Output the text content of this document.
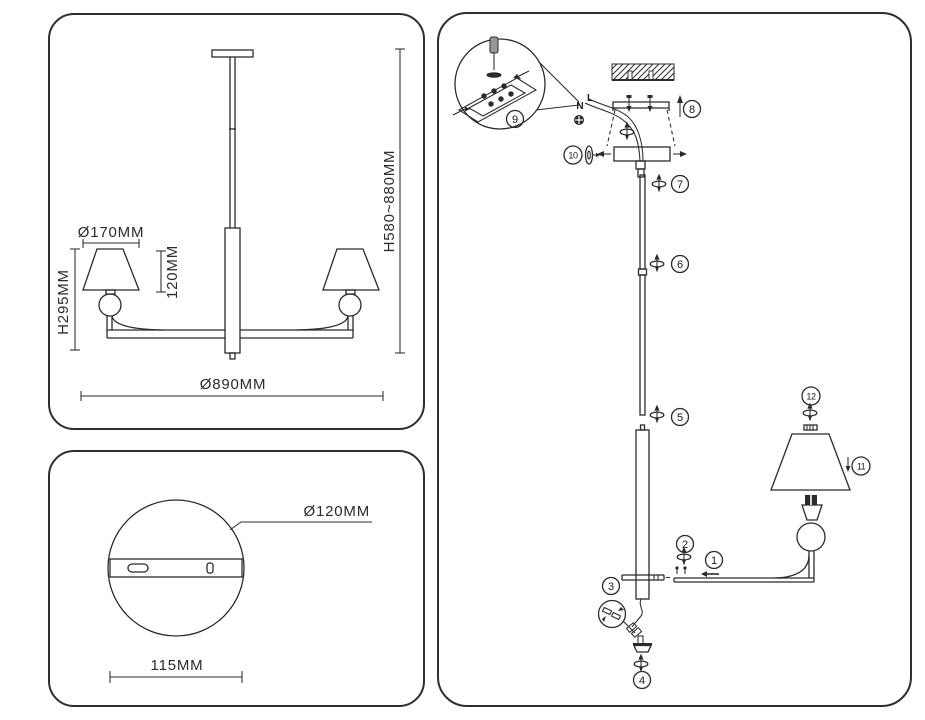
Ø170MM
120MM
H295MM
H580~880MM
Ø890MM
Ø120MM
115MM
N
L
1
2
3
4
5
6
7
8
9
10
11
12
